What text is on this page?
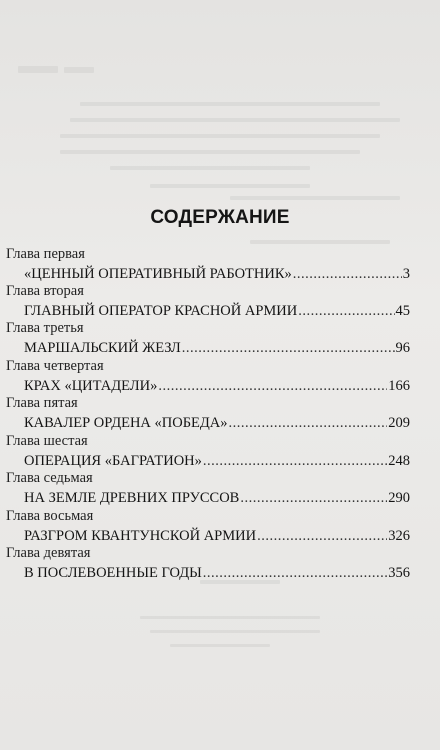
СОДЕРЖАНИЕ
Глава первая
«ЦЕННЫЙ ОПЕРАТИВНЫЙ РАБОТНИК» .....	3
Глава вторая
ГЛАВНЫЙ ОПЕРАТОР КРАСНОЙ АРМИИ .....	45
Глава третья
МАРШАЛЬСКИЙ ЖЕЗЛ .....	96
Глава четвертая
КРАХ «ЦИТАДЕЛИ» .....	166
Глава пятая
КАВАЛЕР ОРДЕНА «ПОБЕДА» .....	209
Глава шестая
ОПЕРАЦИЯ «БАГРАТИОН» .....	248
Глава седьмая
НА ЗЕМЛЕ ДРЕВНИХ ПРУССОВ .....	290
Глава восьмая
РАЗГРОМ КВАНТУНСКОЙ АРМИИ .....	326
Глава девятая
В ПОСЛЕВОЕННЫЕ ГОДЫ .....	356
